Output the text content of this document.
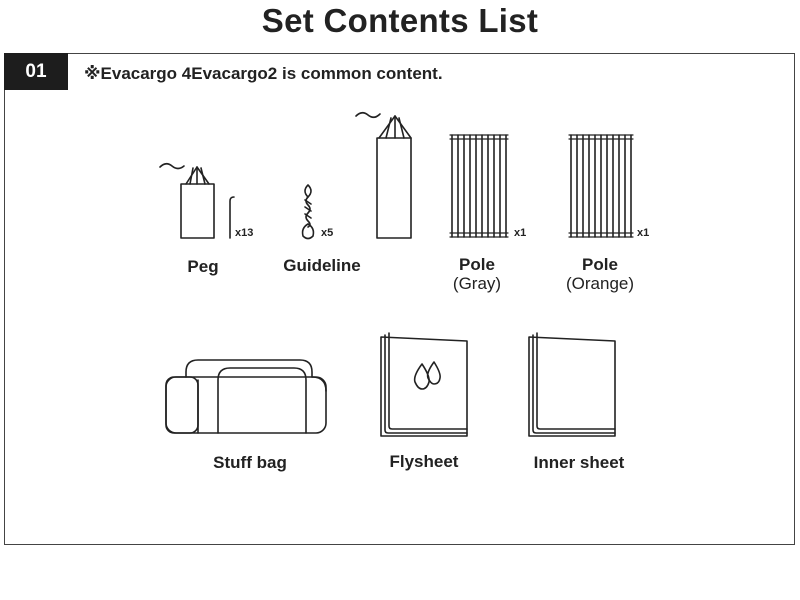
Set Contents List
01	※Evacargo 4Evacargo2 is common content.
x13	x5	x1	x1
Peg	Guideline	Pole
(Gray)
Pole
(Orange)
Stuff bag	Flysheet	Inner sheet
